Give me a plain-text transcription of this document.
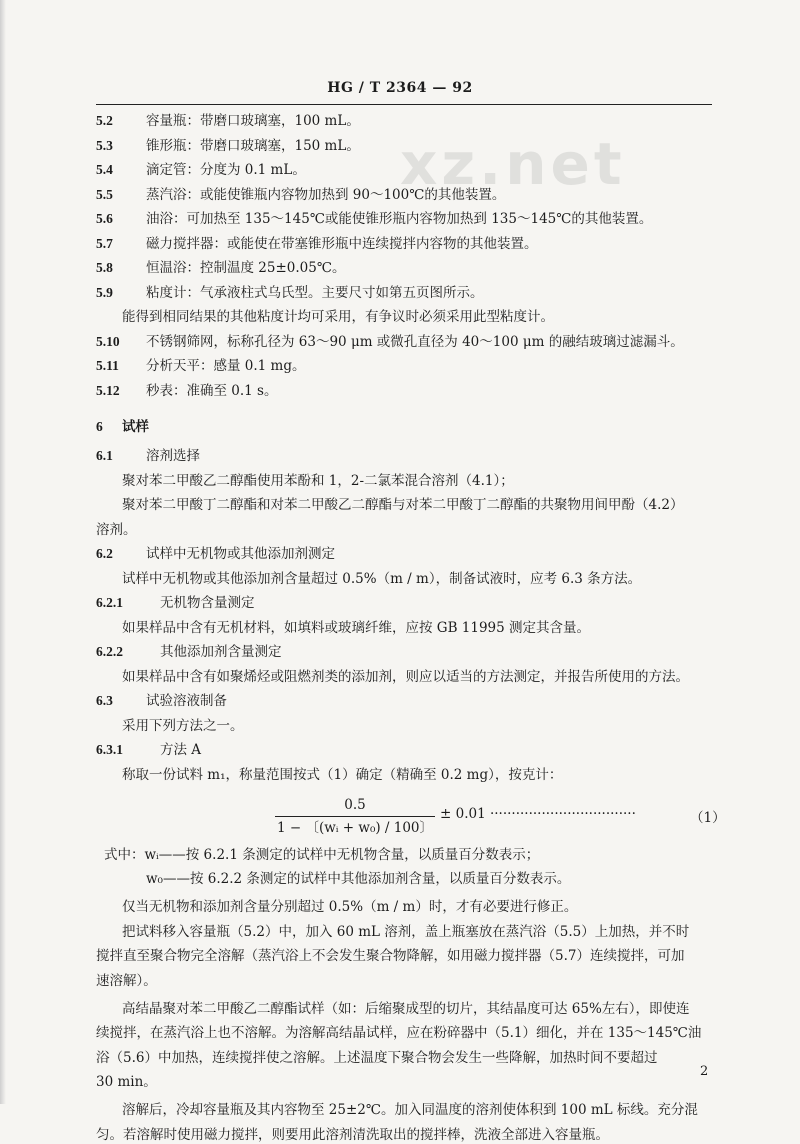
xz.net
HG / T 2364 — 92
5.2 容量瓶：带磨口玻璃塞，100 mL。
5.3 锥形瓶：带磨口玻璃塞，150 mL。
5.4 滴定管：分度为 0.1 mL。
5.5 蒸汽浴：或能使锥瓶内容物加热到 90～100℃的其他装置。
5.6 油浴：可加热至 135～145℃或能使锥形瓶内容物加热到 135～145℃的其他装置。
5.7 磁力搅拌器：或能使在带塞锥形瓶中连续搅拌内容物的其他装置。
5.8 恒温浴：控制温度 25±0.05℃。
5.9 粘度计：气承液柱式乌氏型。主要尺寸如第五页图所示。
能得到相同结果的其他粘度计均可采用，有争议时必须采用此型粘度计。
5.10 不锈钢筛网，标称孔径为 63～90 μm 或微孔直径为 40～100 μm 的融结玻璃过滤漏斗。
5.11 分析天平：感量 0.1 mg。
5.12 秒表：准确至 0.1 s。
6 试样
6.1 溶剂选择
聚对苯二甲酸乙二醇酯使用苯酚和 1，2-二氯苯混合溶剂（4.1）；
聚对苯二甲酸丁二醇酯和对苯二甲酸乙二醇酯与对苯二甲酸丁二醇酯的共聚物用间甲酚（4.2）
溶剂。
6.2 试样中无机物或其他添加剂测定
试样中无机物或其他添加剂含量超过 0.5%（m / m），制备试液时，应考 6.3 条方法。
6.2.1	无机物含量测定
如果样品中含有无机材料，如填料或玻璃纤维，应按 GB 11995 测定其含量。
6.2.2	其他添加剂含量测定
如果样品中含有如聚烯烃或阻燃剂类的添加剂，则应以适当的方法测定，并报告所使用的方法。
6.3 试验溶液制备
采用下列方法之一。
6.3.1	方法 A
称取一份试料 m₁，称量范围按式（1）确定（精确至 0.2 mg），按克计：
$\frac{0.5}{\text{1 − 〔(wᵢ + w₀) / 100〕}} \pm 0.01$ ··································	（1）
式中：wᵢ——按 6.2.1 条测定的试样中无机物含量，以质量百分数表示；
w₀——按 6.2.2 条测定的试样中其他添加剂含量，以质量百分数表示。
仅当无机物和添加剂含量分别超过 0.5%（m / m）时，才有必要进行修正。
把试料移入容量瓶（5.2）中，加入 60 mL 溶剂，盖上瓶塞放在蒸汽浴（5.5）上加热，并不时
搅拌直至聚合物完全溶解（蒸汽浴上不会发生聚合物降解，如用磁力搅拌器（5.7）连续搅拌，可加
速溶解）。
高结晶聚对苯二甲酸乙二醇酯试样（如：后缩聚成型的切片，其结晶度可达 65%左右），即使连
续搅拌，在蒸汽浴上也不溶解。为溶解高结晶试样，应在粉碎器中（5.1）细化，并在 135～145℃油
浴（5.6）中加热，连续搅拌使之溶解。上述温度下聚合物会发生一些降解，加热时间不要超过
30 min。
溶解后，冷却容量瓶及其内容物至 25±2℃。加入同温度的溶剂使体积到 100 mL 标线。充分混
匀。若溶解时使用磁力搅拌，则要用此溶剂清洗取出的搅拌棒，洗液全部进入容量瓶。
2
